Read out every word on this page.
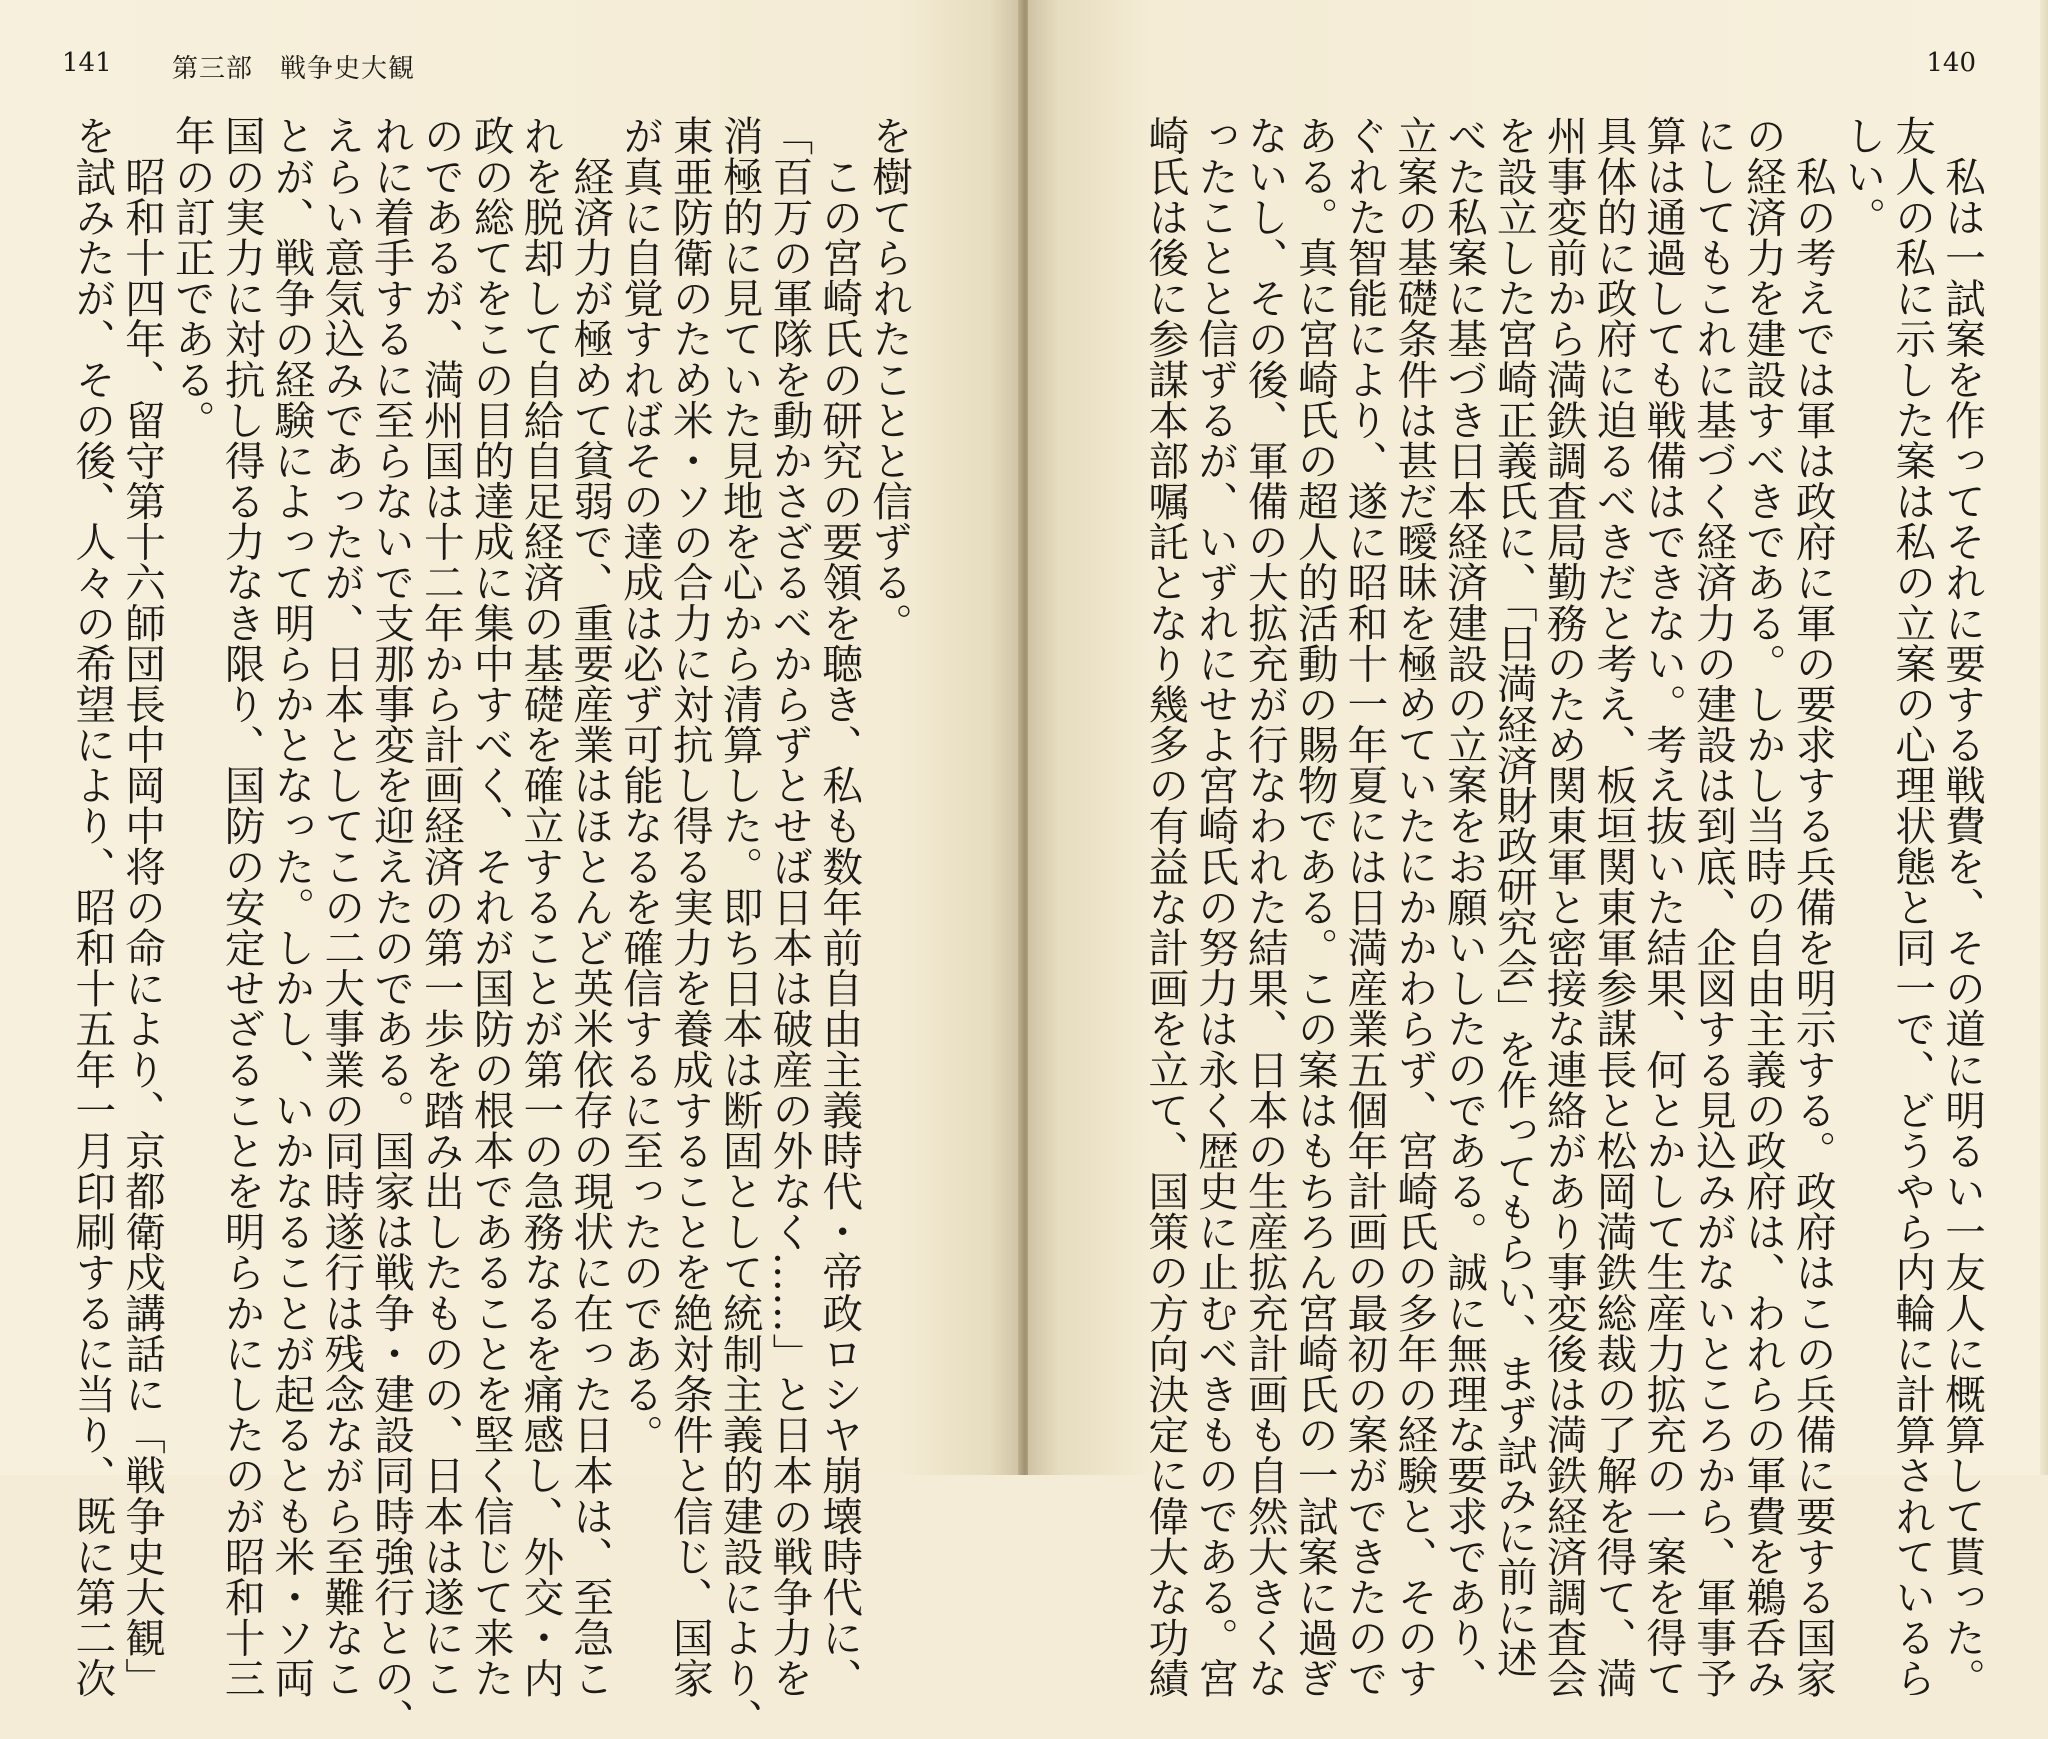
141 第三部　戦争史大観
を樹てられたことと信ずる。
　この宮崎氏の研究の要領を聴き、私も数年前自由主義時代・帝政ロシヤ崩壊時代に、
「百万の軍隊を動かさざるべからずとせば日本は破産の外なく……」と日本の戦争力を
消極的に見ていた見地を心から清算した。即ち日本は断固として統制主義的建設により、
東亜防衛のため米・ソの合力に対抗し得る実力を養成することを絶対条件と信じ、国家
が真に自覚すればその達成は必ず可能なるを確信するに至ったのである。
　経済力が極めて貧弱で、重要産業はほとんど英米依存の現状に在った日本は、至急こ
れを脱却して自給自足経済の基礎を確立することが第一の急務なるを痛感し、外交・内
政の総てをこの目的達成に集中すべく、それが国防の根本であることを堅く信じて来た
のであるが、満州国は十二年から計画経済の第一歩を踏み出したものの、日本は遂にこ
れに着手するに至らないで支那事変を迎えたのである。国家は戦争・建設同時強行との、
えらい意気込みであったが、日本としてこの二大事業の同時遂行は残念ながら至難なこ
とが、戦争の経験によって明らかとなった。しかし、いかなることが起るとも米・ソ両
国の実力に対抗し得る力なき限り、国防の安定せざることを明らかにしたのが昭和十三
年の訂正である。
　昭和十四年、留守第十六師団長中岡中将の命により、京都衛戍講話に「戦争史大観」
を試みたが、その後、人々の希望により、昭和十五年一月印刷するに当り、既に第二次
140
　私は一試案を作ってそれに要する戦費を、その道に明るい一友人に概算して貰った。
友人の私に示した案は私の立案の心理状態と同一で、どうやら内輪に計算されているら
しい。
　私の考えでは軍は政府に軍の要求する兵備を明示する。政府はこの兵備に要する国家
の経済力を建設すべきである。しかし当時の自由主義の政府は、われらの軍費を鵜呑み
にしてもこれに基づく経済力の建設は到底、企図する見込みがないところから、軍事予
算は通過しても戦備はできない。考え抜いた結果、何とかして生産力拡充の一案を得て
具体的に政府に迫るべきだと考え、板垣関東軍参謀長と松岡満鉄総裁の了解を得て、満
州事変前から満鉄調査局勤務のため関東軍と密接な連絡があり事変後は満鉄経済調査会
を設立した宮崎正義氏に、「日満経済財政研究会」を作ってもらい、まず試みに前に述
べた私案に基づき日本経済建設の立案をお願いしたのである。誠に無理な要求であり、
立案の基礎条件は甚だ曖昧を極めていたにかかわらず、宮崎氏の多年の経験と、そのす
ぐれた智能により、遂に昭和十一年夏には日満産業五個年計画の最初の案ができたので
ある。真に宮崎氏の超人的活動の賜物である。この案はもちろん宮崎氏の一試案に過ぎ
ないし、その後、軍備の大拡充が行なわれた結果、日本の生産拡充計画も自然大きくな
ったことと信ずるが、いずれにせよ宮崎氏の努力は永く歴史に止むべきものである。宮
崎氏は後に参謀本部嘱託となり幾多の有益な計画を立て、国策の方向決定に偉大な功績
